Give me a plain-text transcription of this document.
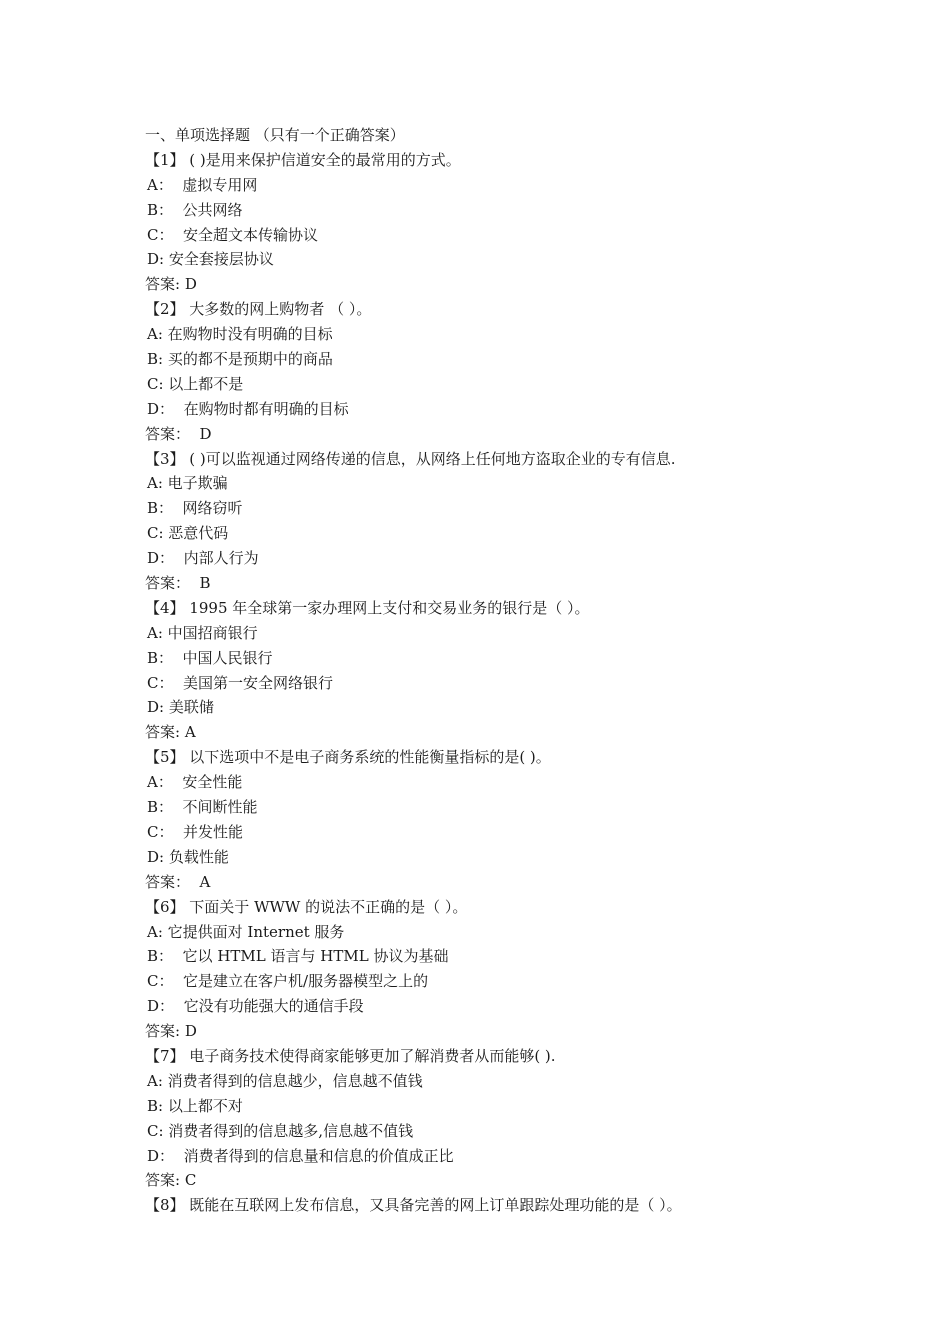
一、单项选择题 （只有一个正确答案）
【1】 ( )是用来保护信道安全的最常用的方式。
A：  虚拟专用网
B：  公共网络
C：  安全超文本传输协议
D: 安全套接层协议
答案: D
【2】 大多数的网上购物者 （ ）。
A: 在购物时没有明确的目标
B: 买的都不是预期中的商品
C: 以上都不是
D：  在购物时都有明确的目标
答案：  D
【3】 ( )可以监视通过网络传递的信息，从网络上任何地方盗取企业的专有信息.
A: 电子欺骗
B：  网络窃听
C: 恶意代码
D：  内部人行为
答案：  B
【4】 1995 年全球第一家办理网上支付和交易业务的银行是（ ）。
A: 中国招商银行
B：  中国人民银行
C：  美国第一安全网络银行
D: 美联储
答案: A
【5】 以下选项中不是电子商务系统的性能衡量指标的是( )。
A：  安全性能
B：  不间断性能
C：  并发性能
D: 负载性能
答案：  A
【6】 下面关于 WWW 的说法不正确的是（ ）。
A: 它提供面对 Internet 服务
B：  它以 HTML 语言与 HTML 协议为基础
C：  它是建立在客户机/服务器模型之上的
D：  它没有功能强大的通信手段
答案: D
【7】 电子商务技术使得商家能够更加了解消费者从而能够( ).
A: 消费者得到的信息越少，信息越不值钱
B: 以上都不对
C: 消费者得到的信息越多,信息越不值钱
D：  消费者得到的信息量和信息的价值成正比
答案: C
【8】 既能在互联网上发布信息，又具备完善的网上订单跟踪处理功能的是（ ）。
